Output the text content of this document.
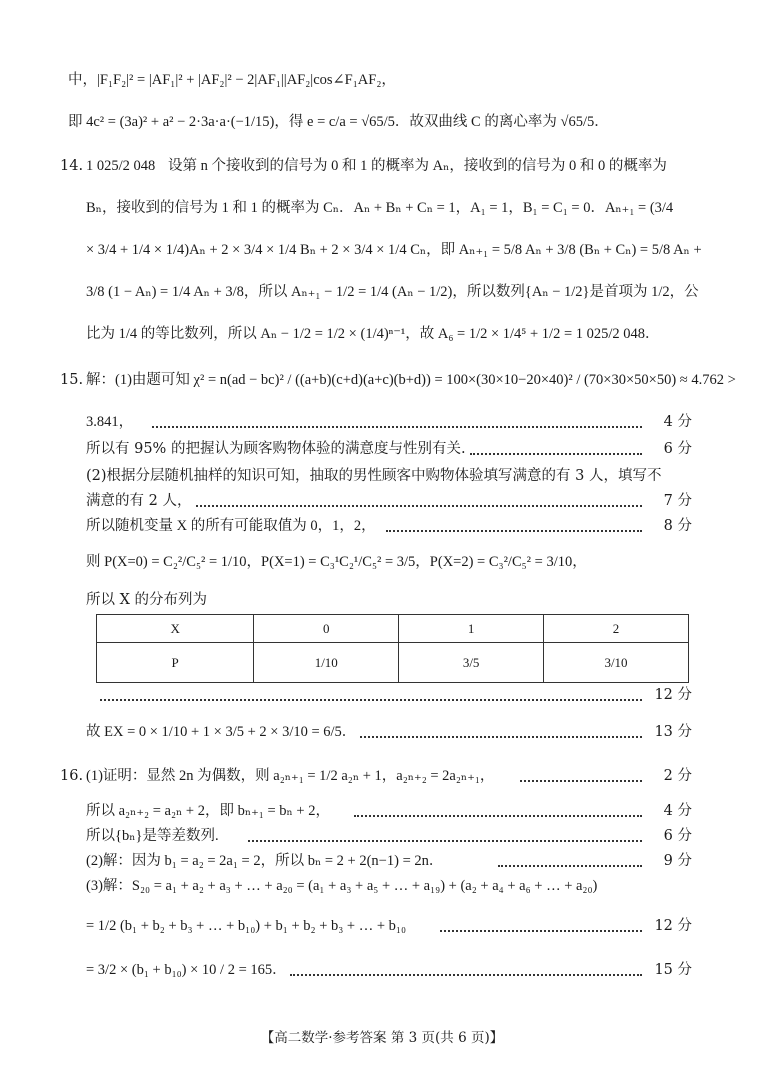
中，|F₁F₂|² = |AF₁|² + |AF₂|² − 2|AF₁||AF₂|cos∠F₁AF₂，
即 4c² = (3a)² + a² − 2·3a·a·(−1/15)，得 e = c/a = √65/5．故双曲线 C 的离心率为 √65/5．
14. 1 025/2 048 设第 n 个接收到的信号为 0 和 1 的概率为 Aₙ，接收到的信号为 0 和 0 的概率为
Bₙ，接收到的信号为 1 和 1 的概率为 Cₙ．Aₙ + Bₙ + Cₙ = 1，A₁ = 1，B₁ = C₁ = 0．Aₙ₊₁ = (3/4
× 3/4 + 1/4 × 1/4)Aₙ + 2 × 3/4 × 1/4 Bₙ + 2 × 3/4 × 1/4 Cₙ，即 Aₙ₊₁ = 5/8 Aₙ + 3/8 (Bₙ + Cₙ) = 5/8 Aₙ +
3/8 (1 − Aₙ) = 1/4 Aₙ + 3/8，所以 Aₙ₊₁ − 1/2 = 1/4 (Aₙ − 1/2)，所以数列{Aₙ − 1/2}是首项为 1/2，公
比为 1/4 的等比数列，所以 Aₙ − 1/2 = 1/2 × (1/4)ⁿ⁻¹，故 A₆ = 1/2 × 1/4⁵ + 1/2 = 1 025/2 048．
15. 解：(1)由题可知 χ² = n(ad − bc)² / ((a+b)(c+d)(a+c)(b+d)) = 100×(30×10−20×40)² / (70×30×50×50) ≈ 4.762 >
3.841，	4 分
所以有 95% 的把握认为顾客购物体验的满意度与性别有关.	6 分
(2)根据分层随机抽样的知识可知，抽取的男性顾客中购物体验填写满意的有 3 人，填写不
满意的有 2 人，	7 分
所以随机变量 X 的所有可能取值为 0，1，2，	8 分
则 P(X=0) = C₂²/C₅² = 1/10，P(X=1) = C₃¹C₂¹/C₅² = 3/5，P(X=2) = C₃²/C₅² = 3/10，
所以 X 的分布列为
X	0	1	2
P	1/10	3/5	3/10
12 分
故 EX = 0 × 1/10 + 1 × 3/5 + 2 × 3/10 = 6/5．	13 分
16. (1)证明：显然 2n 为偶数，则 a₂ₙ₊₁ = 1/2 a₂ₙ + 1，a₂ₙ₊₂ = 2a₂ₙ₊₁，	2 分
所以 a₂ₙ₊₂ = a₂ₙ + 2，即 bₙ₊₁ = bₙ + 2，	4 分
所以{bₙ}是等差数列.	6 分
(2)解：因为 b₁ = a₂ = 2a₁ = 2，所以 bₙ = 2 + 2(n−1) = 2n．	9 分
(3)解：S₂₀ = a₁ + a₂ + a₃ + … + a₂₀ = (a₁ + a₃ + a₅ + … + a₁₉) + (a₂ + a₄ + a₆ + … + a₂₀)
= 1/2 (b₁ + b₂ + b₃ + … + b₁₀) + b₁ + b₂ + b₃ + … + b₁₀	12 分
= 3/2 × (b₁ + b₁₀) × 10 / 2 = 165．	15 分
【高二数学·参考答案 第 3 页(共 6 页)】
